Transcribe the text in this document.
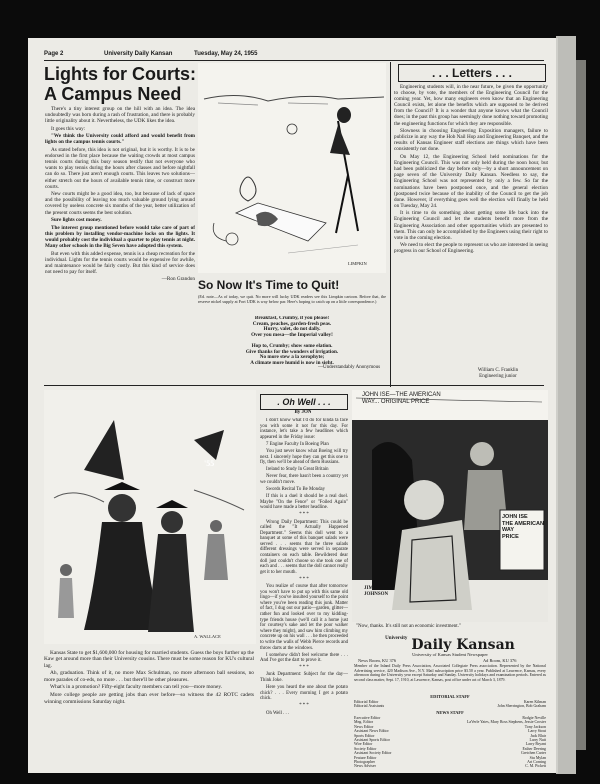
Page 2	University Daily Kansan	Tuesday, May 24, 1955
Lights for Courts:
A Campus Need

There's a tiny interest group on the hill with an idea. The idea undoubtedly was born during a rash of frustration, and there is probably little originality about it. Nevertheless, the UDK likes the idea.

It goes this way:

"We think the University could afford and would benefit from lights on the campus tennis courts."

As stated before, this idea is not original, but it is worthy. It is to be endorsed in the first place because the waiting crowds at most campus tennis courts during this busy season testify that not everyone who wants to play tennis during the hours after classes and before nightfall can do so. There just aren't enough courts. This leaves two solutions—either stretch out the hours of available tennis time, or construct more courts.

New courts might be a good idea, too, but because of lack of space and the possibility of leaving too much valuable ground lying around covered by useless concrete six months of the year, better utilization of the present courts seems the best solution.

Sure lights cost money.

The interest group mentioned before would take care of part of this problem by installing vendor-machine locks on the lights. It would probably cost the individual a quarter to play tennis at night. Many other schools in the Big Seven have adopted this system.

But even with this added expense, tennis is a cheap recreation for the individual. Lights for the tennis courts would be expensive for awhile, and maintenance would be fairly costly. But this kind of service does not need to pay for itself.

—Ron Grandon

LIMPKIN
So Now It's Time to Quit!
(Ed. note—As of today, we quit. No more will lucky UDK readers see this Limpkin cartoon. Before that, the reserve nickel supply at Fort UDK is way below par. Here's hoping to catch up on a little correspondence.)
Breakfast, Crumby, if you please!
Cream, peaches, garden-fresh peas.
Hurry, valet, do not dally.
Over you mesa—the Imperial valley!

Hop to, Crumby; show some elation.
Give thanks for the wonders of irrigation.
No more stew a la xerophyte;
A climate more humid is now in sight.
—Understandably Anonymous
. . . Letters . . .

Engineering students will, in the near future, be given the opportunity to choose, by vote, the members of the Engineering Council for the coming year. Yet, how many engineers even know that an Engineering Council exists, let alone the benefits which are supposed to be derived from the Council? It is a wonder that anyone knows what the Council does; in the past this group has seemingly done nothing toward promoting the engineering functions for which they are responsible.

Slowness in choosing Engineering Exposition managers, failure to publicize in any way the Hob Nail Hop and Engineering Banquet, and the results of Kansas Engineer staff elections are things which have been consistently not done.

On May 12, the Engineering School held nominations for the Engineering Council. This was not only held during the noon hour, but had been publicized the day before only—by a short announcement on page seven of the University Daily Kansan. Needless to say, the Engineering School was not represented by only a few. So far the nominations have been postponed once, and the general election (postponed twice because of the inability of the Council to get the job done. However, if everything goes well the election will finally be held on Tuesday, May 24.

It is time to do something about getting some life back into the Engineering Council and let the students benefit more from the Engineering Association and other opportunities which are presented to them. This can only be accomplished by the Engineers using their right to vote in the coming election.

We need to elect the people to represent us who are interested in seeing progress in our School of Engineering.

William C. Franklin
Engineering junior
'55
A. WALLACE
. Oh Well . . .
By JON

I don't know what I'd do for kinda ta face you with some it not for this day. For instance, let's take a few headlines which appeared in the Friday issue:

7 Engine Faculty In Boeing Plan

You just never know what Boeing will try next. I sincerely hope they can get this one to fly, then we'll be ahead of them Russians.

Ireland to Study In Great Britain

Never fear, there hasn't been a country yet we couldn't move.

Swords Recital To Be Monday

If this is a duel it should be a real duel. Maybe "On the Fence" or "Foiled Again" would have made a better headline.

* * *

Wrong Daily Department: This could be called the "It Actually Happened Department." Seems this doll went to a banquet at some of this banquet salads were served . . . seems that he three salads different dressings were served in separate containers on each table. Bewildered dear doll just couldn't choose so she took one of each and . . . seems that the doll cannot really get it to her mouth.

* * *

You realize of course that after tomorrow you won't have to put up with this same old lingo—if you've insulted yourself to the point where you've been reading this junk. Matter of fact, I dug out our patio—garden, glitter—rather fun and looked over to my kidding-type friends house (we'll call it a home just for courtesy's sake and let the poor walker where they might), and saw him climbing my concrete up on his wall . . . he then proceeded to write the walls of Webb Pierce records and throw darts at the windows.

I somehow didn't feel welcome there . . . And I've got the dart to prove it.

* * *

Junk Department: Subject for the day—Think Joke.

Here you heard the one about the potato chick? . . . Every morning I get a potato chick.

* * *

Oh Well . . .

JOHN ISE—THE AMERICAN
WAY... ORIGINAL PRICE
JOHN ISE
THE AMERICAN
WAY
PRICE
JIM
JOHNSON
"Now, thanks. It's still not an economic investment."

Kansas State to get $1,600,000 for housing for married students. Guess the boys further up the Kaw get around more than their University cousins. There must be some reason for KU's cultural lag.

Ah, graduation. Think of it, no more Max Schulman, no more afternoon ball sessions, no more parades of co-eds, no more . . . but there'll be other pleasures.

What's in a promotion? Fifty-eight faculty members can tell you—more money.

More college people are getting jobs than ever before—so witness the 42 ROTC cadets winning commissions Saturday night.

$^{University}$ Daily Kansan
University of Kansas Student Newspaper
News Room, KU 376	Ad Room, KU 376
Member of the Inland Daily Press Association, Associated Collegiate Press association. Represented by the National Advertising service, 420 Madison Ave., N.Y. Mail subscription price $3.50 a year. Published at Lawrence, Kansas, every afternoon during the University year except Saturday and Sunday. University holidays and examination periods. Entered as second class matter, Sept. 17, 1910, at Lawrence, Kansas, post office under act of March 3, 1879.
EDITORIAL STAFF
Editorial Editor	Karen Kilman
Editorial Assistants	John Sherrington, Bob Graham
NEWS STAFF
Executive Editor	Rodgie Neville
Mng. Editor	LaVerle Yates, Mary Ross Stephens, Jessie Crosier
News Editor	Tony Jackson
Assistant News Editor	Larry Stout
Sports Editor	Jack Blair
Assistant Sports Editor	Larry Nutt
Wire Editor	Larry Bryant
Society Editor	Esther Deering
Assistant Society Editor	Gretchen Carter
Feature Editor	Stu Mylan
Photographer	Art Corning
News Adviser	C. M. Pickett
